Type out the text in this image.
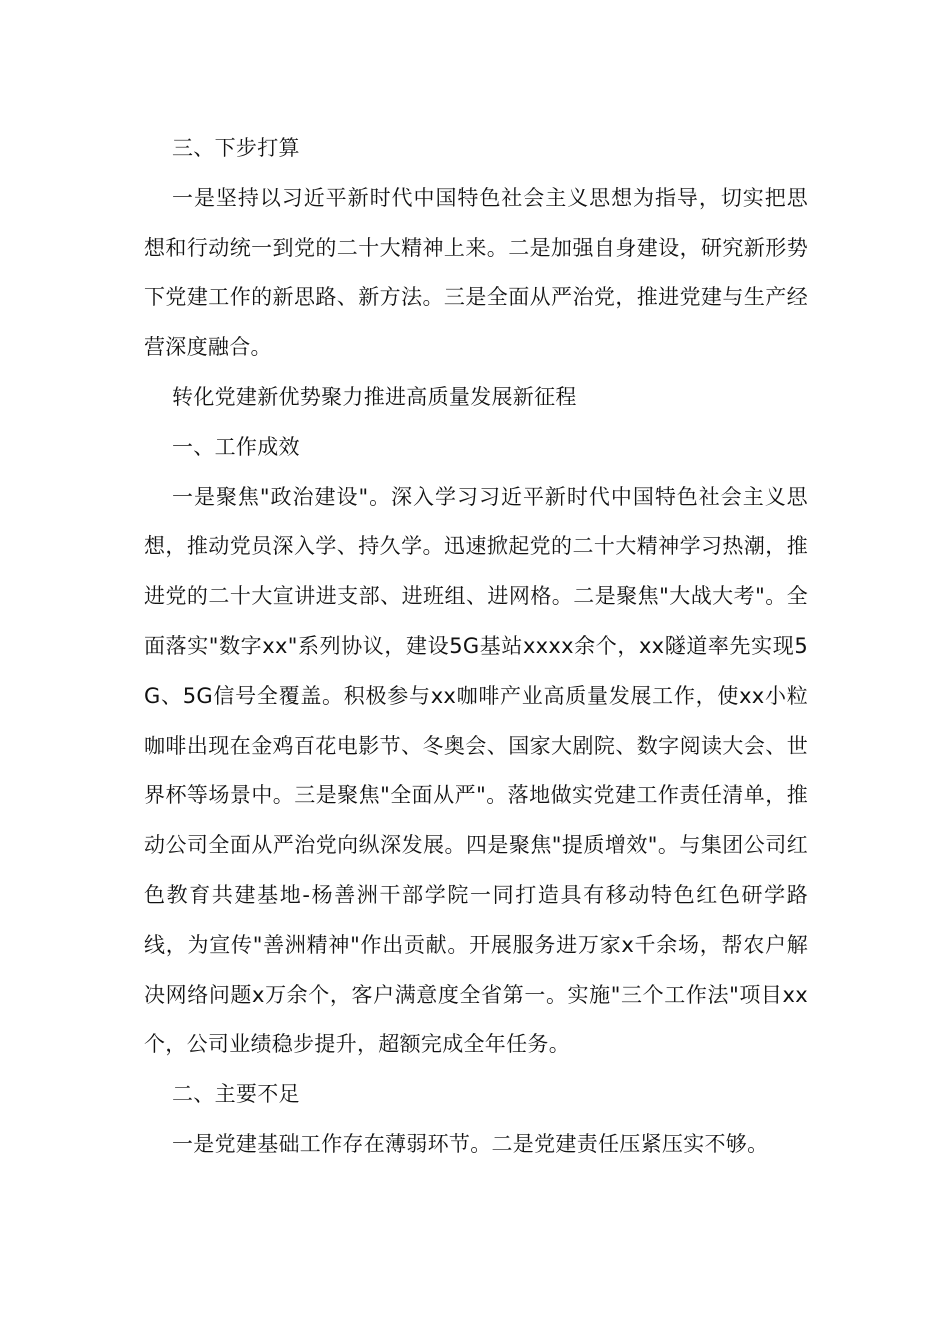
三、下步打算

一是坚持以习近平新时代中国特色社会主义思想为指导，切实把思想和行动统一到党的二十大精神上来。二是加强自身建设，研究新形势下党建工作的新思路、新方法。三是全面从严治党，推进党建与生产经营深度融合。

转化党建新优势聚力推进高质量发展新征程

一、工作成效

一是聚焦"政治建设"。深入学习习近平新时代中国特色社会主义思想，推动党员深入学、持久学。迅速掀起党的二十大精神学习热潮，推进党的二十大宣讲进支部、进班组、进网格。二是聚焦"大战大考"。全面落实"数字xx"系列协议，建设5G基站xxxx余个，xx隧道率先实现5G、5G信号全覆盖。积极参与xx咖啡产业高质量发展工作，使xx小粒咖啡出现在金鸡百花电影节、冬奥会、国家大剧院、数字阅读大会、世界杯等场景中。三是聚焦"全面从严"。落地做实党建工作责任清单，推动公司全面从严治党向纵深发展。四是聚焦"提质增效"。与集团公司红色教育共建基地-杨善洲干部学院一同打造具有移动特色红色研学路线，为宣传"善洲精神"作出贡献。开展服务进万家x千余场，帮农户解决网络问题x万余个，客户满意度全省第一。实施"三个工作法"项目xx个，公司业绩稳步提升，超额完成全年任务。

二、主要不足

一是党建基础工作存在薄弱环节。二是党建责任压紧压实不够。
